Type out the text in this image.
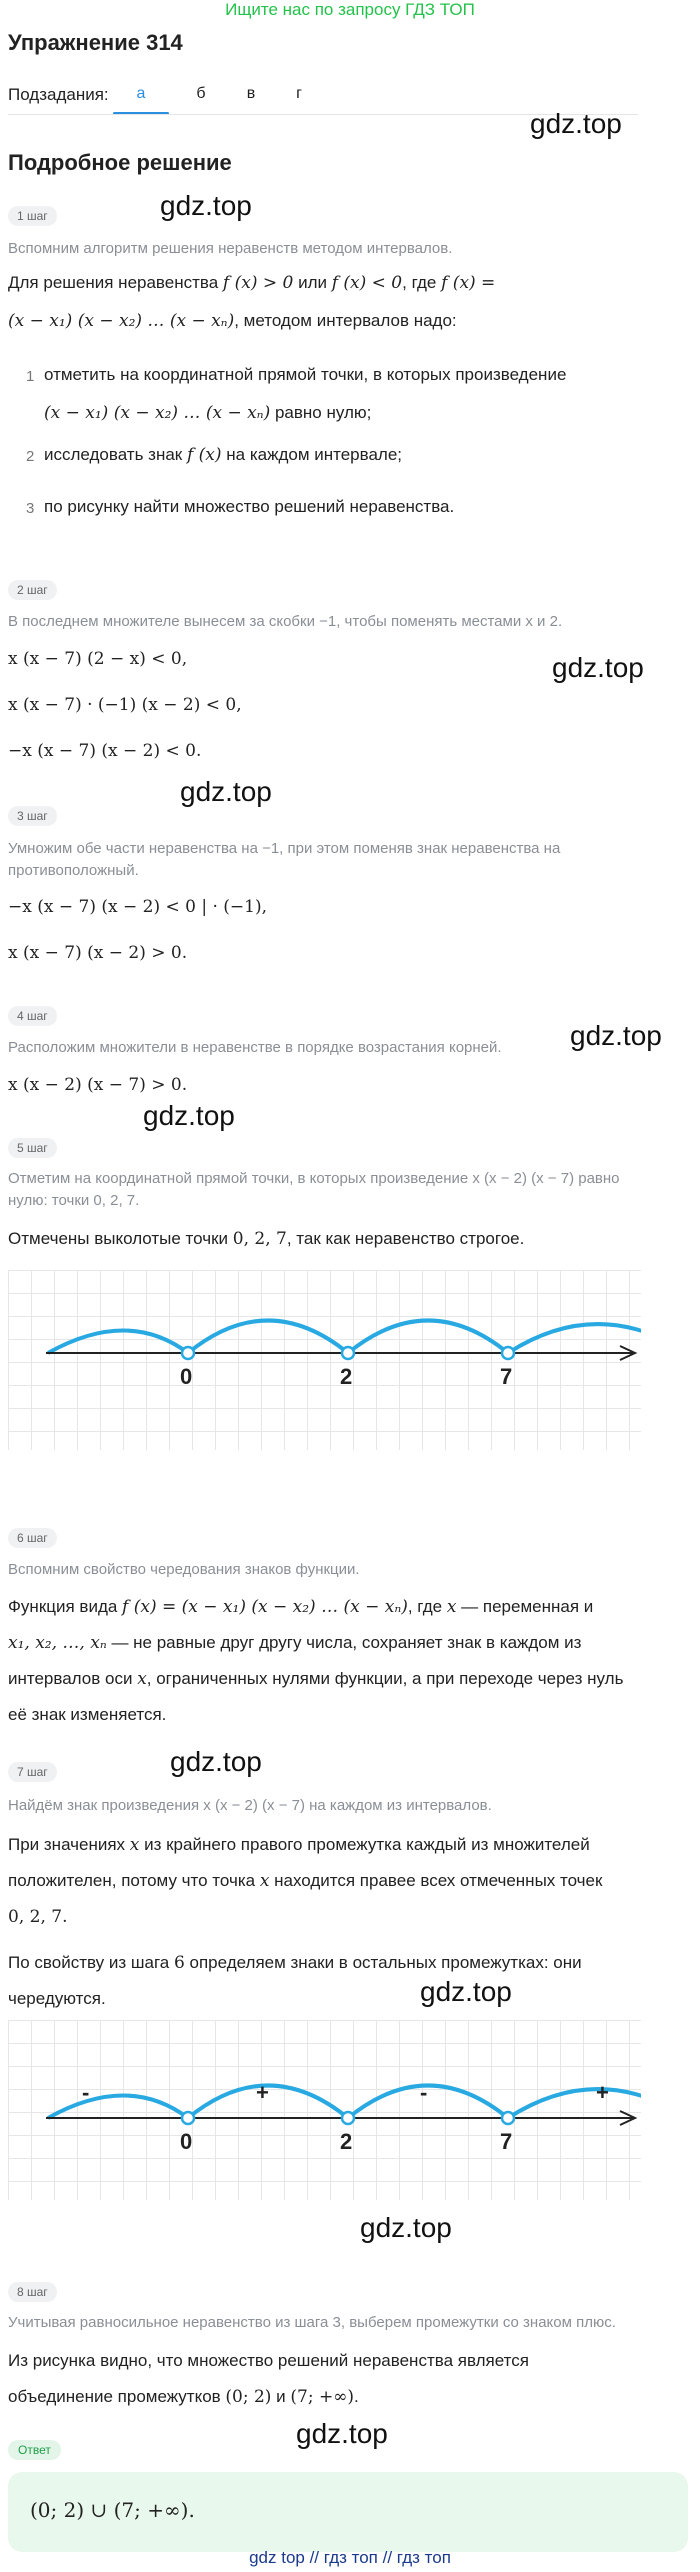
Ищите нас по запросу ГДЗ ТОП
Упражнение 314
Подзадания:	а	б	в	г
gdz.top
Подробное решение
1 шаг	gdz.top
Вспомним алгоритм решения неравенств методом интервалов.
Для решения неравенства f (x) > 0 или f (x) < 0, где f (x) =
(x − x₁) (x − x₂) … (x − xₙ), методом интервалов надо:
1 отметить на координатной прямой точки, в которых произведение
(x − x₁) (x − x₂) … (x − xₙ) равно нулю;
2 исследовать знак f (x) на каждом интервале;
3 по рисунку найти множество решений неравенства.
2 шаг
В последнем множителе вынесем за скобки −1, чтобы поменять местами x и 2.
gdz.top
x (x − 7) (2 − x) < 0,
x (x − 7) · (−1) (x − 2) < 0,
−x (x − 7) (x − 2) < 0.
gdz.top
3 шаг
Умножим обе части неравенства на −1, при этом поменяв знак неравенства на противоположный.
−x (x − 7) (x − 2) < 0 | · (−1),
x (x − 7) (x − 2) > 0.
4 шаг
gdz.top
Расположим множители в неравенстве в порядке возрастания корней.
x (x − 2) (x − 7) > 0.
gdz.top
5 шаг
Отметим на координатной прямой точки, в которых произведение x (x − 2) (x − 7) равно нулю: точки 0, 2, 7.
Отмечены выколотые точки 0, 2, 7, так как неравенство строгое.
0	2	7
6 шаг
Вспомним свойство чередования знаков функции.
Функция вида f (x) = (x − x₁) (x − x₂) … (x − xₙ), где x — переменная и
x₁, x₂, …, xₙ — не равные друг другу числа, сохраняет знак в каждом из
интервалов оси x, ограниченных нулями функции, а при переходе через нуль
её знак изменяется.
gdz.top
7 шаг
Найдём знак произведения x (x − 2) (x − 7) на каждом из интервалов.
При значениях x из крайнего правого промежутка каждый из множителей
положителен, потому что точка x находится правее всех отмеченных точек
0, 2, 7.
По свойству из шага 6 определяем знаки в остальных промежутках: они
чередуются.	gdz.top
-	+	-	+
0	2	7
gdz.top
8 шаг
Учитывая равносильное неравенство из шага 3, выберем промежутки со знаком плюс.
Из рисунка видно, что множество решений неравенства является
объединение промежутков (0; 2) и (7; +∞).
gdz.top
Ответ
(0; 2) ∪ (7; +∞).
gdz top // гдз топ // гдз топ
